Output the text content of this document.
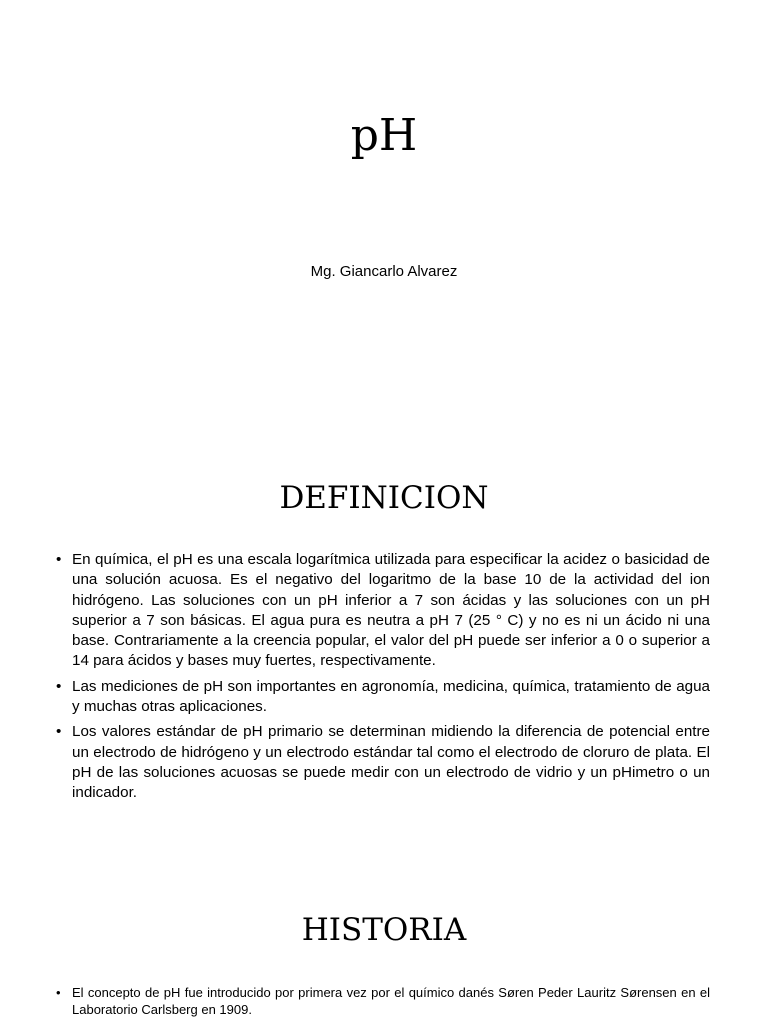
pH
Mg. Giancarlo Alvarez
DEFINICION
• En química, el pH es una escala logarítmica utilizada para especificar la acidez o basicidad de una solución acuosa. Es el negativo del logaritmo de la base 10 de la actividad del ion hidrógeno. Las soluciones con un pH inferior a 7 son ácidas y las soluciones con un pH superior a 7 son básicas. El agua pura es neutra a pH 7 (25 ° C) y no es ni un ácido ni una base. Contrariamente a la creencia popular, el valor del pH puede ser inferior a 0 o superior a 14 para ácidos y bases muy fuertes, respectivamente.
• Las mediciones de pH son importantes en agronomía, medicina, química, tratamiento de agua y muchas otras aplicaciones.
• Los valores estándar de pH primario se determinan midiendo la diferencia de potencial entre un electrodo de hidrógeno y un electrodo estándar tal como el electrodo de cloruro de plata. El pH de las soluciones acuosas se puede medir con un electrodo de vidrio y un pHimetro o un indicador.
HISTORIA
• El concepto de pH fue introducido por primera vez por el químico danés Søren Peder Lauritz Sørensen en el Laboratorio Carlsberg en 1909.
